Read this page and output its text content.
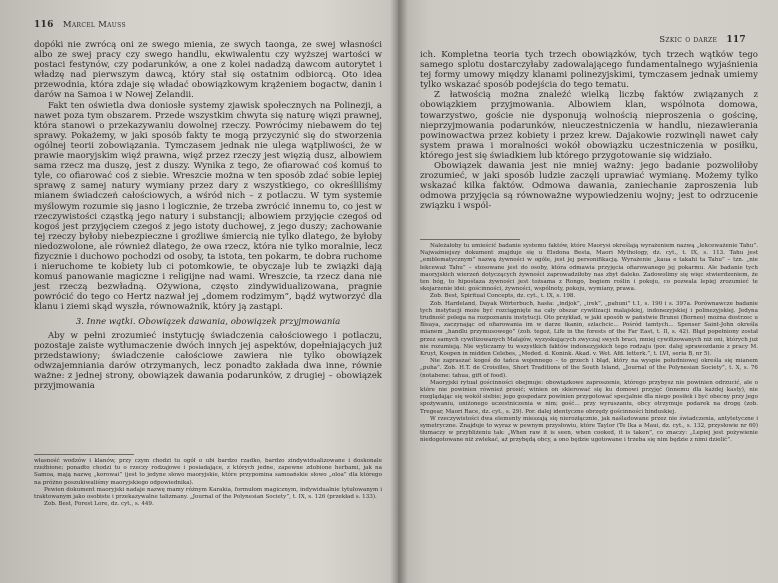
116 Marcel Mauss

dopóki nie zwrócą oni ze swego mienia, ze swych taonga, ze swej własności albo ze swej pracy czy swego handlu, ekwiwalentu czy wyższej wartości w postaci festynów, czy podarunków, a one z kolei nadadzą dawcom autorytet i władzę nad pierwszym dawcą, który stał się ostatnim odbiorcą. Oto idea przewodnia, która zdaje się władać obowiązkowym krążeniem bogactw, danin i darów na Samoa i w Nowej Zelandii.

Fakt ten oświetla dwa doniosłe systemy zjawisk społecznych na Polinezji, a nawet poza tym obszarem. Przede wszystkim chwyta się naturę więzi prawnej, która stanowi o przekazywaniu dowolnej rzeczy. Powrócimy niebawem do tej sprawy. Pokażemy, w jaki sposób fakty te mogą przyczynić się do stworzenia ogólnej teorii zobowiązania. Tymczasem jednak nie ulega wątpliwości, że w prawie maoryjskim więź prawna, więź przez rzeczy jest więzią dusz, albowiem sama rzecz ma duszę, jest z duszy. Wynika z tego, że ofiarować coś komuś to tyle, co ofiarować coś z siebie. Wreszcie można w ten sposób zdać sobie lepiej sprawę z samej natury wymiany przez dary z wszystkiego, co określiliśmy mianem świadczeń całościowych, a wśród nich – z potlaczu. W tym systemie myślowym rozumie się jasno i logicznie, że trzeba zwrócić innemu to, co jest w rzeczywistości cząstką jego natury i substancji; albowiem przyjęcie czegoś od kogoś jest przyjęciem czegoś z jego istoty duchowej, z jego duszy; zachowanie tej rzeczy byłoby niebezpieczne i groźliwe śmiercią nie tylko dlatego, że byłoby niedozwolone, ale również dlatego, że owa rzecz, która nie tylko moralnie, lecz fizycznie i duchowo pochodzi od osoby, ta istota, ten pokarm, te dobra ruchome i nieruchome te kobiety lub ci potomkowie, te obyczaje lub te związki dają komuś panowanie magiczne i religijne nad wami. Wreszcie, ta rzecz dana nie jest rzeczą bezwładną. Ożywiona, często zindywidualizowana, pragnie powrócić do tego co Hertz nazwał jej „domem rodzimym”, bądź wytworzyć dla klanu i ziemi skąd wyszła, równoważnik, który ją zastąpi.

3. Inne wątki. Obowiązek dawania, obowiązek przyjmowania

Aby w pełni zrozumieć instytucję świadczenia całościowego i potlaczu, pozostaje zaiste wytłumaczenie dwóch innych jej aspektów, dopełniających już przedstawiony; świadczenie całościowe zawiera nie tylko obowiązek odwzajemniania darów otrzymanych, lecz ponadto zakłada dwa inne, równie ważne: z jednej strony, obowiązek dawania podarunków, z drugiej – obowiązek przyjmowania

własność wodzów i klanów, przy czym chodzi tu ogół o ubi bardzo rzadko, bardzo zindywidualizowane i doskonale rzeźbione; ponadto chodzi tu o rzeczy rodzajowe i posiadające, z których jedne, zapewne zdobione herbami, jak na Samoa, mają nazwę „korowai” (jest to jedyne słowo maoryjskie, które przypomina samoańskie słowo „oloa” dla którego na próżno poszukiwaliśmy maoryjskiego odpowiednika).

Pewien dokument maoryjski nadaje nazwę mamy różnym Karakia, formułom magicznym, indywidualnie tytułowanym i traktowanym jako osobiste i przekazywalne talizmany. „Journal of the Polynesian Society”, t. IX, s. 126 (przekład s. 133).

Zob. Best, Forest Lore, dz. cyt., s. 449.

Szkic o darze 117

ich. Kompletna teoria tych trzech obowiązków, tych trzech wątków tego samego splotu dostarczyłaby zadowalającego fundamentalnego wyjaśnienia tej formy umowy między klanami polinezyjskimi, tymczasem jednak umiemy tylko wskazać sposób podejścia do tego tematu.

Z łatwością można znaleźć wielką liczbę faktów związanych z obowiązkiem przyjmowania. Albowiem klan, wspólnota domowa, towarzystwo, goście nie dysponują wolnością nieproszenia o gościnę, nieprzyjmowania podarunków, nieuczestniczenia w handlu, niezawierania powinowactwa przez kobiety i przez krew. Dajakowie rozwinęli nawet cały system prawa i moralności wokół obowiązku uczestniczenia w posiłku, którego jest się świadkiem lub którego przygotowanie się widziało.

Obowiązek dawania jest nie mniej ważny: jego badanie pozwoliłoby zrozumieć, w jaki sposób ludzie zaczęli uprawiać wymianę. Możemy tylko wskazać kilka faktów. Odmowa dawania, zaniechanie zaproszenia lub odmowa przyjęcia są równoważne wypowiedzeniu wojny; jest to odrzucenie związku i wspól-

Należałoby tu umieścić badanie systemu faktów, które Maorysi określają wyrażeniem nazwą „lekceważenie Tahu”. Najważniejszy dokument znajduje się u Elsdona Besta, Maori Mythology, dz. cyt., t. IX, s. 113. Tahu jest „emblematycznym” nazwą żywności w ogóle, jest jej personifikacją. Wyrażenie „kaua e takahi ta Tahu” – tzn. „nie lekceważ Tahu” – stosowane jest do osoby, która odmawia przyjęcia ofiarowanego jej pokarmu. Ale badanie tych maoryjskich wierzeń dotyczących żywności zaprowadziłoby nas zbyt daleko. Zadowolimy się więc stwierdzeniem, że ten bóg, to hipostaza żywności jest tożsama z Rongo, bogiem roślin i pokoju, co pozwala lepiej zrozumieć te skojarzenie idei: gościnności, żywności, wspólnoty, pokoju, wymiany, prawa.

Zob. Best, Spiritual Concepts, dz. cyt., t. IX, s. 198.

Zob. Hardeland, Dayak Wörterbuch, hasła: „indjok”, „irek”, „pahuni” t.1, s. 190 i s. 397a. Porównawcze badanie tych instytucji może być rozciągnięte na cały obszar cywilizacji malajskiej, indonezyjskiej i polinezyjskiej. Jedyna trudność polega na rozpoznaniu instytucji. Oto przykład, w jaki sposób w państwie Brunei (Borneo) można dostrzec u Bisaya, zaczynając od ofiarowania im w darze tkanin, szlachcic... Pośród tamtych... Spenser Saint-John określa mianem „handlu przymusowego” (zob. tegoż, Life in the forests of the Far East, t. II, s. 42). Błąd popełniony został przez samych cywilizowanych Malajów, wyzyskujących zwyczaj swych braci, mniej cywilizowanych niż oni, których już nie rozumieją. Nie wyliczamy tu wszystkich faktów indonezyjskich tego rodzaju (por. dalej sprawozdanie z pracy M. Kruyt, Koopen in midden Celebes, „Meded. d. Konink. Akad. v. Wet. Afd. letterk.”, t. LVI, seria B, nr 5).

Nie zapraszać kogoś do tańca wojennego – to grzech i błąd, który na wyspie południowej określa się mianem „puha”. Zob. H.T. de Croisilles, Short Traditions of the South Island, „Journal of the Polynesian Society”, t. X, s. 76 (notabene: tahua, gift of food).

Maoryjski rytuał gościnności obejmuje: obowiązkowe zaproszenie, którego przybysz nie powinien odrzucić, ale o które nie powinien również prosić; winien on skierować się ku domowi przyjęć (innemu dla każdej kasty), nie rozglądając się wokół siebie; jego gospodarz powinien przygotować specjalnie dla niego posiłek i być obecny przy jego spożywaniu, uniżonego uczestniczenia w nim; gość... przy wyruszaniu, obcy otrzymuje podarek na drogę (zob. Tregear, Maori Race, dz. cyt., s. 29). Por. dalej identyczne obrzędy gościnności hinduskiej.

W rzeczywistości dwa elementy mieszają się nierozłącznie, jak naśladowane przez nie świadczenia, antytetyczne i symetryczne. Znajduje to wyraz w pewnym przysłowiu, które Taylor (Te Ika a Maui, dz. cyt., s. 132, przysłowie nr 60) tłumaczy w przybliżeniu tak: „When raw it is seen, when cooked, it is taken”, co znaczy: „Lepiej jest pożywienie niedogotowane niż zwlekać, aż przybędą obcy, a ono będzie ugotowane i trzeba się nim będzie z nimi dzielić”.
